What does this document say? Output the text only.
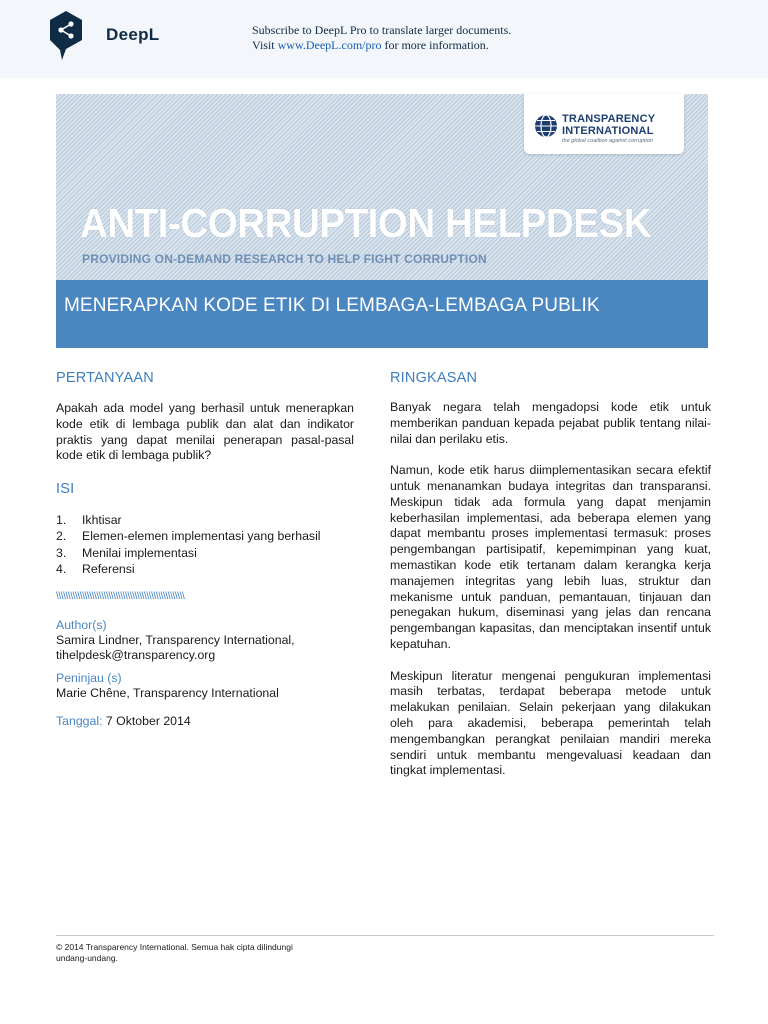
DeepL	Subscribe to DeepL Pro to translate larger documents.
Visit www.DeepL.com/pro for more information.
TRANSPARENCY
INTERNATIONAL
the global coalition against corruption
ANTI-CORRUPTION HELPDESK
PROVIDING ON-DEMAND RESEARCH TO HELP FIGHT CORRUPTION
MENERAPKAN KODE ETIK DI LEMBAGA-LEMBAGA PUBLIK
PERTANYAAN
Apakah ada model yang berhasil untuk menerapkan kode etik di lembaga publik dan alat dan indikator praktis yang dapat menilai penerapan pasal-pasal kode etik di lembaga publik?
ISI
1.	Ikhtisar
2.	Elemen-elemen implementasi yang berhasil
3.	Menilai implementasi
4.	Referensi
\\\\\\\\\\\\\\\\\\\\\\\\\\\\\\\\\\\\\\\\\\\\\\\\\\\\\\
Author(s)
Samira Lindner, Transparency International,
tihelpdesk@transparency.org
Peninjau (s)
Marie Chêne, Transparency International
Tanggal: 7 Oktober 2014
RINGKASAN
Banyak negara telah mengadopsi kode etik untuk memberikan panduan kepada pejabat publik tentang nilai-nilai dan perilaku etis.
Namun, kode etik harus diimplementasikan secara efektif untuk menanamkan budaya integritas dan transparansi. Meskipun tidak ada formula yang dapat menjamin keberhasilan implementasi, ada beberapa elemen yang dapat membantu proses implementasi termasuk: proses pengembangan partisipatif, kepemimpinan yang kuat, memastikan kode etik tertanam dalam kerangka kerja manajemen integritas yang lebih luas, struktur dan mekanisme untuk panduan, pemantauan, tinjauan dan penegakan hukum, diseminasi yang jelas dan rencana pengembangan kapasitas, dan menciptakan insentif untuk kepatuhan.
Meskipun literatur mengenai pengukuran implementasi masih terbatas, terdapat beberapa metode untuk melakukan penilaian. Selain pekerjaan yang dilakukan oleh para akademisi, beberapa pemerintah telah mengembangkan perangkat penilaian mandiri mereka sendiri untuk membantu mengevaluasi keadaan dan tingkat implementasi.
© 2014 Transparency International. Semua hak cipta dilindungi undang-undang.
